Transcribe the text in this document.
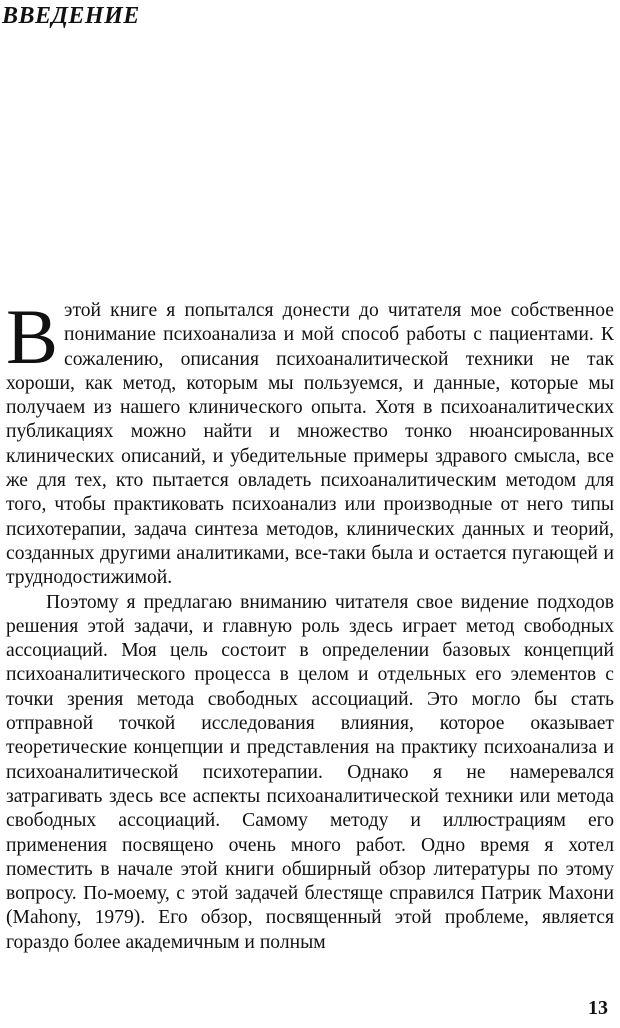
ВВЕДЕНИЕ

Вэтой книге я попытался донести до читателя мое собственное понимание психоанализа и мой способ работы с пациентами. К сожалению, описания психоаналитической техники не так хороши, как метод, которым мы пользуемся, и данные, которые мы получаем из нашего клинического опыта. Хотя в психоаналитических публикациях можно найти и множество тонко нюансированных клинических описаний, и убедительные примеры здравого смысла, все же для тех, кто пытается овладеть психоаналитическим методом для того, чтобы практиковать психоанализ или производные от него типы психотерапии, задача синтеза методов, клинических данных и теорий, созданных другими аналитиками, все-таки была и остается пугающей и труднодостижимой.

Поэтому я предлагаю вниманию читателя свое видение подходов решения этой задачи, и главную роль здесь играет метод свободных ассоциаций. Моя цель состоит в определении базовых концепций психоаналитического процесса в целом и отдельных его элементов с точки зрения метода свободных ассоциаций. Это могло бы стать отправной точкой исследования влияния, которое оказывает теоретические концепции и представления на практику психоанализа и психоаналитической психотерапии. Однако я не намеревался затрагивать здесь все аспекты психоаналитической техники или метода свободных ассоциаций. Самому методу и иллюстрациям его применения посвящено очень много работ. Одно время я хотел поместить в начале этой книги обширный обзор литературы по этому вопросу. По-моему, с этой задачей блестяще справился Патрик Махони (Mahony, 1979). Его обзор, посвященный этой проблеме, является гораздо более академичным и полным

13
